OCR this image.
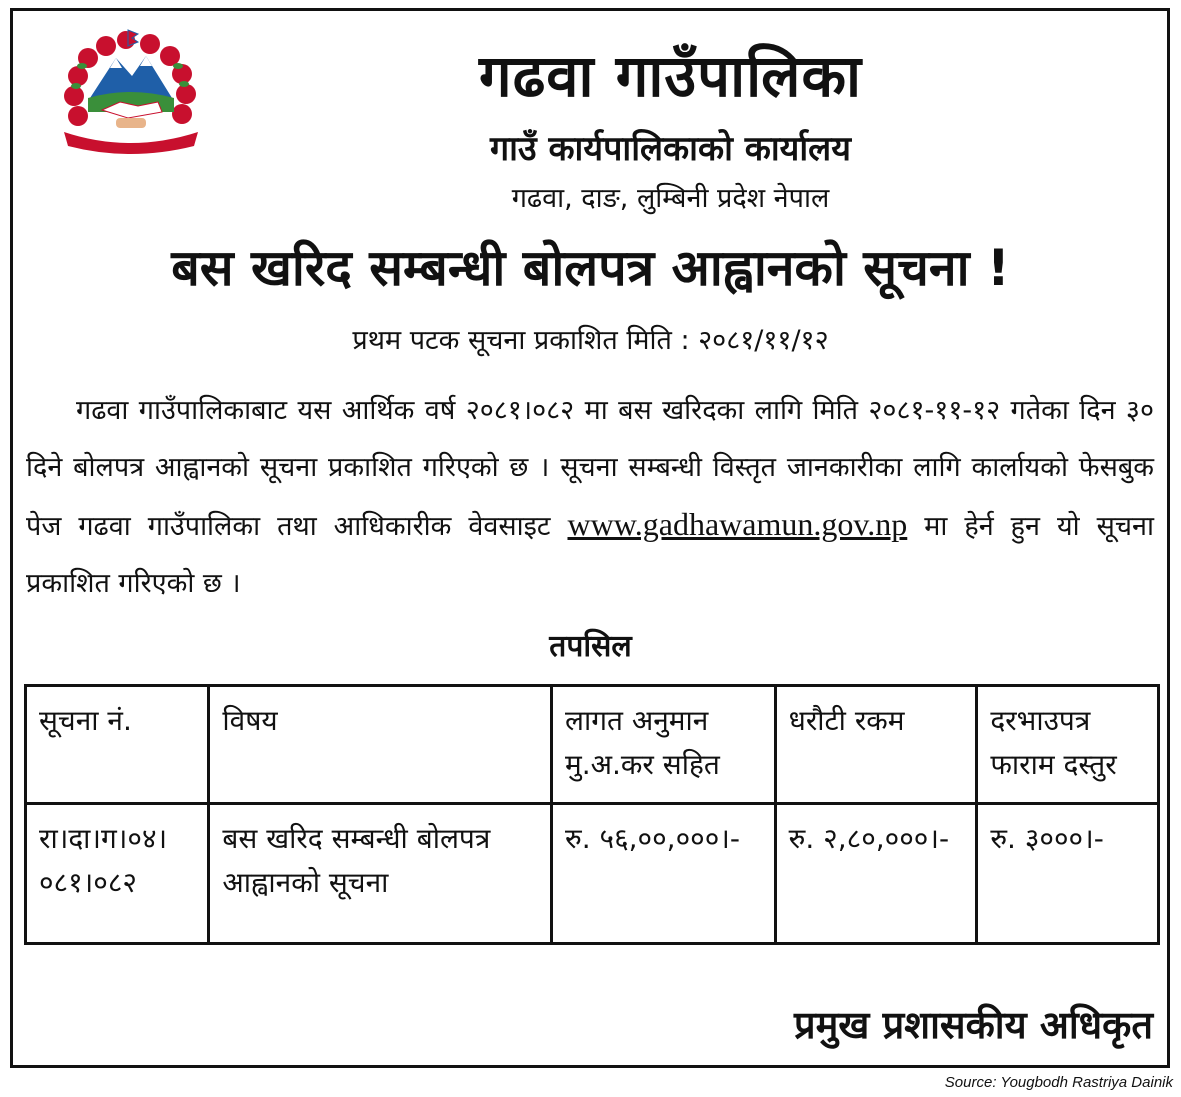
गढवा गाउँपालिका
गाउँ कार्यपालिकाको कार्यालय
गढवा, दाङ, लुम्बिनी प्रदेश नेपाल
बस खरिद सम्बन्धी बोलपत्र आह्वानको सूचना !
प्रथम पटक सूचना प्रकाशित मिति : २०८१/११/१२
गढवा गाउँपालिकाबाट यस आर्थिक वर्ष २०८१।०८२ मा बस खरिदका लागि मिति २०८१-११-१२ गतेका दिन ३० दिने बोलपत्र आह्वानको सूचना प्रकाशित गरिएको छ । सूचना सम्बन्धी विस्तृत जानकारीका लागि कार्लायको फेसबुक पेज गढवा गाउँपालिका तथा आधिकारीक वेवसाइट www.gadhawamun.gov.np मा हेर्न हुन यो सूचना प्रकाशित गरिएको छ ।
तपसिल
सूचना नं.	विषय	लागत अनुमान मु.अ.कर सहित	धरौटी रकम	दरभाउपत्र फाराम दस्तुर
रा।दा।ग।०४।०८१।०८२	बस खरिद सम्बन्धी बोलपत्र आह्वानको सूचना	रु. ५६,००,०००।-	रु. २,८०,०००।-	रु. ३०००।-
प्रमुख प्रशासकीय अधिकृत
Source: Yougbodh Rastriya Dainik
